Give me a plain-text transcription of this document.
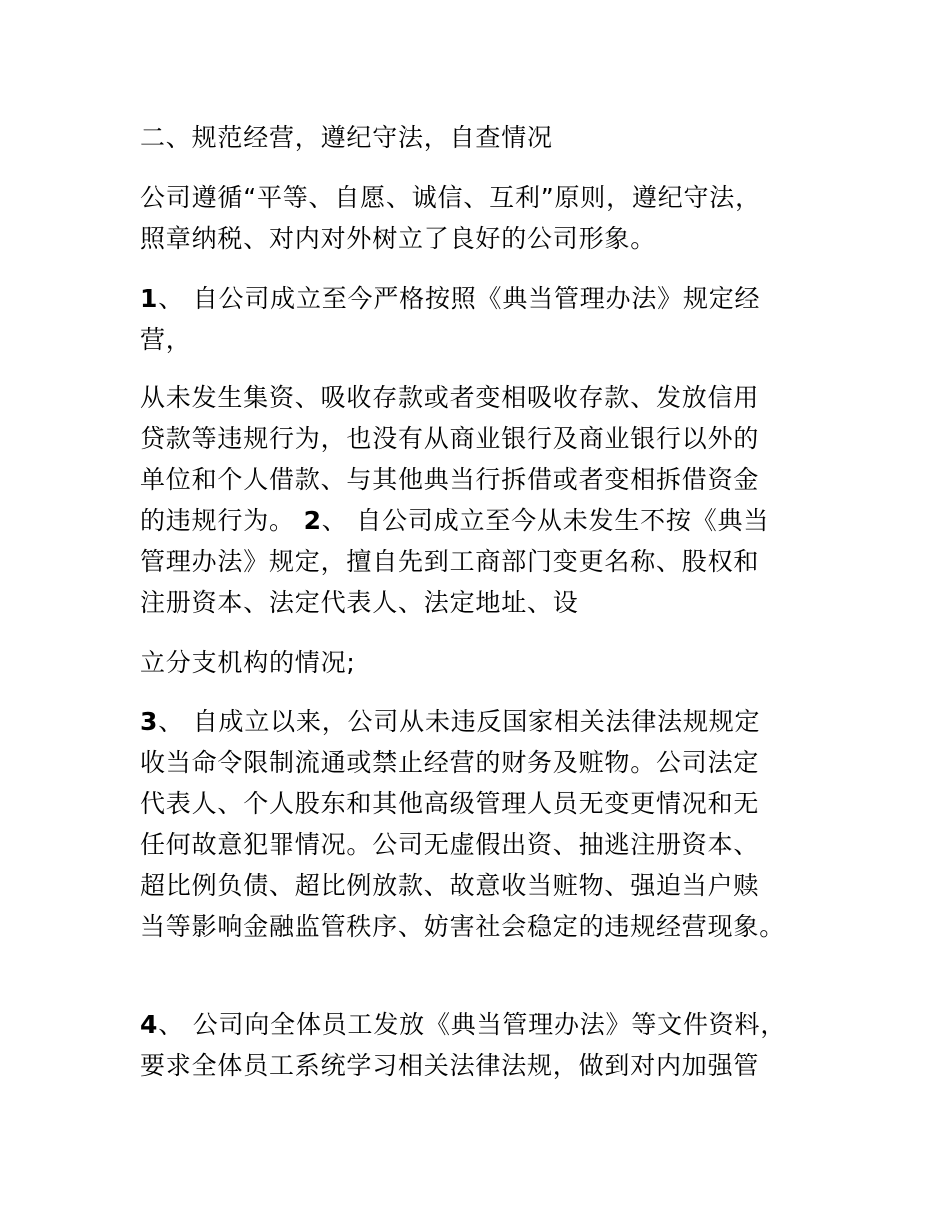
二、规范经营，遵纪守法，自查情况
公司遵循“平等、自愿、诚信、互利”原则，遵纪守法，
照章纳税、对内对外树立了良好的公司形象。
1、 自公司成立至今严格按照《典当管理办法》规定经
营，
从未发生集资、吸收存款或者变相吸收存款、发放信用
贷款等违规行为，也没有从商业银行及商业银行以外的
单位和个人借款、与其他典当行拆借或者变相拆借资金
的违规行为。 2、 自公司成立至今从未发生不按《典当
管理办法》规定，擅自先到工商部门变更名称、股权和
注册资本、法定代表人、法定地址、设
立分支机构的情况;
3、 自成立以来，公司从未违反国家相关法律法规规定
收当命令限制流通或禁止经营的财务及赃物。公司法定
代表人、个人股东和其他高级管理人员无变更情况和无
任何故意犯罪情况。公司无虚假出资、抽逃注册资本、
超比例负债、超比例放款、故意收当赃物、强迫当户赎
当等影响金融监管秩序、妨害社会稳定的违规经营现象。
4、 公司向全体员工发放《典当管理办法》等文件资料，
要求全体员工系统学习相关法律法规，做到对内加强管
